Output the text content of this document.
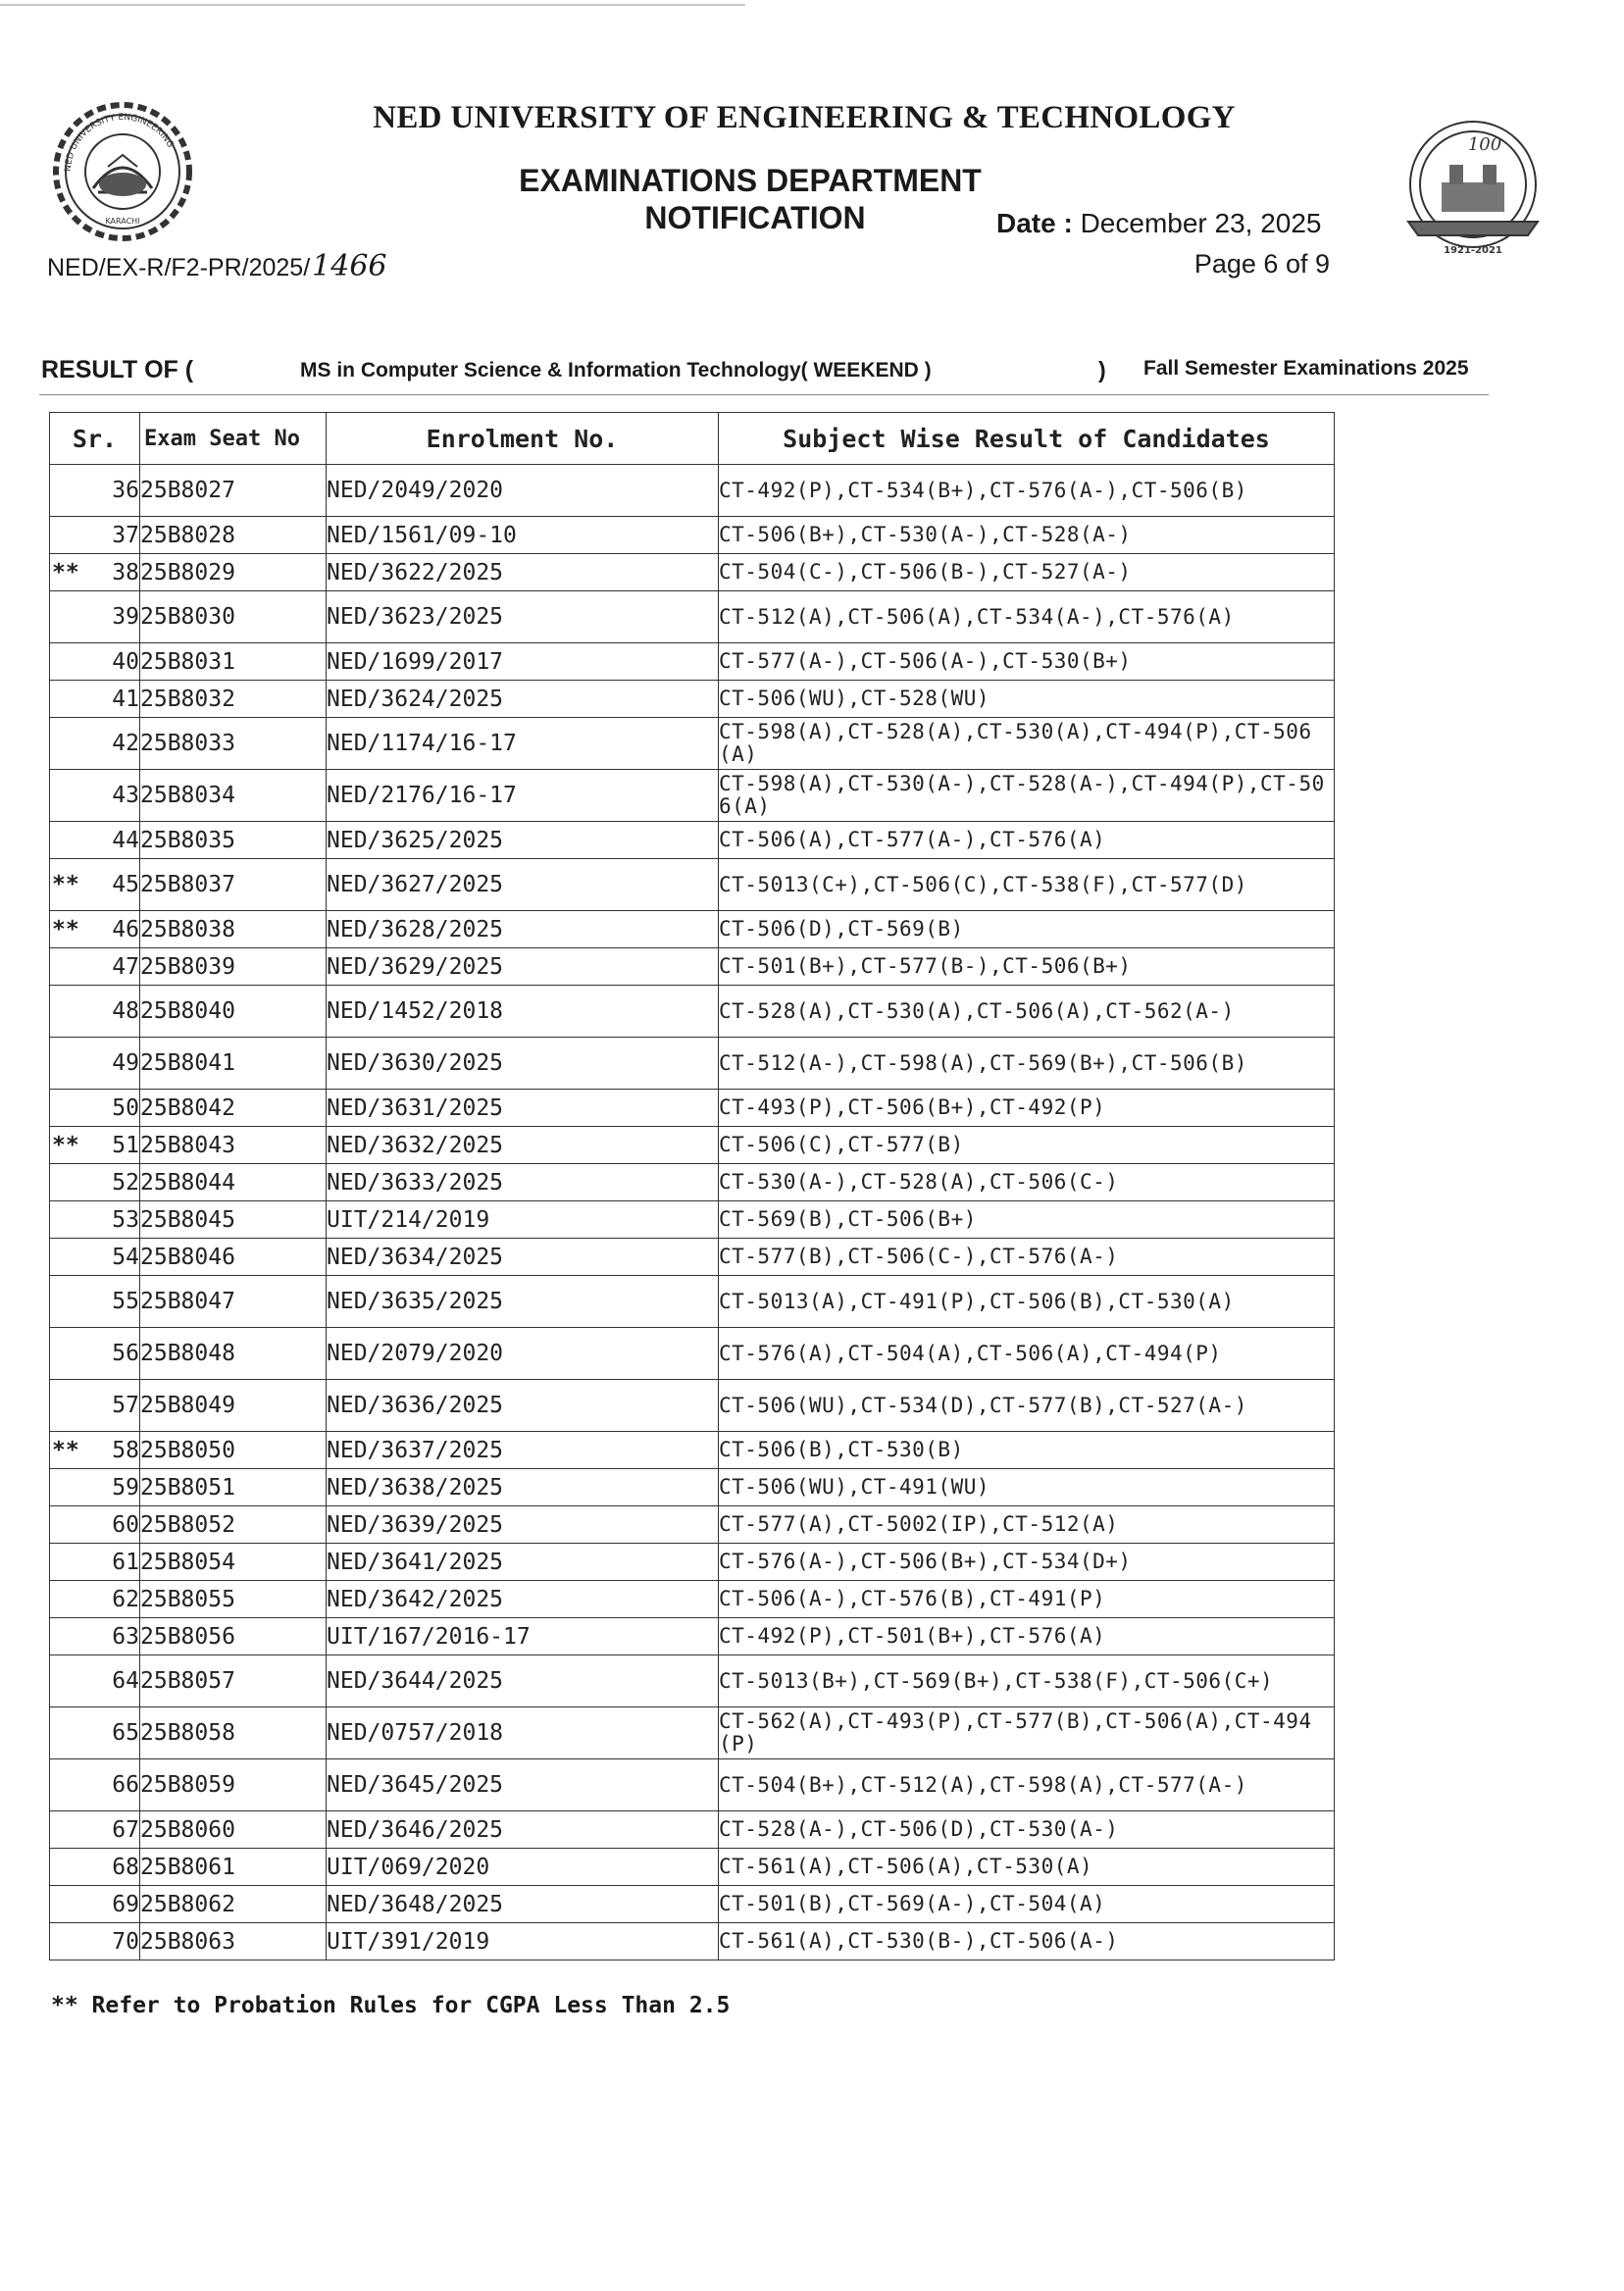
NED UNIVERSITY ENGINEERING
KARACHI
100
1921-2021
NED UNIVERSITY OF ENGINEERING & TECHNOLOGY
EXAMINATIONS DEPARTMENT
NOTIFICATION	Date : December 23, 2025
Page 6 of 9
NED/EX-R/F2-PR/2025/1466
RESULT OF (	MS in Computer Science & Information Technology( WEEKEND )	) Fall Semester Examinations 2025
Sr.	Exam Seat No	Enrolment No.	Subject Wise Result of Candidates
36	25B8027	NED/2049/2020	CT-492(P),CT-534(B+),CT-576(A-),CT-506(B)
37	25B8028	NED/1561/09-10	CT-506(B+),CT-530(A-),CT-528(A-)

** 38	25B8029	NED/3622/2025	CT-504(C-),CT-506(B-),CT-527(A-)
39	25B8030	NED/3623/2025	CT-512(A),CT-506(A),CT-534(A-),CT-576(A)
40	25B8031	NED/1699/2017	CT-577(A-),CT-506(A-),CT-530(B+)
41	25B8032	NED/3624/2025	CT-506(WU),CT-528(WU)
42	25B8033	NED/1174/16-17	CT-598(A),CT-528(A),CT-530(A),CT-494(P),CT-506(A)
43	25B8034	NED/2176/16-17	CT-598(A),CT-530(A-),CT-528(A-),CT-494(P),CT-506(A)
44	25B8035	NED/3625/2025	CT-506(A),CT-577(A-),CT-576(A)

** 45	25B8037	NED/3627/2025	CT-5013(C+),CT-506(C),CT-538(F),CT-577(D)

** 46	25B8038	NED/3628/2025	CT-506(D),CT-569(B)
47	25B8039	NED/3629/2025	CT-501(B+),CT-577(B-),CT-506(B+)
48	25B8040	NED/1452/2018	CT-528(A),CT-530(A),CT-506(A),CT-562(A-)
49	25B8041	NED/3630/2025	CT-512(A-),CT-598(A),CT-569(B+),CT-506(B)
50	25B8042	NED/3631/2025	CT-493(P),CT-506(B+),CT-492(P)

** 51	25B8043	NED/3632/2025	CT-506(C),CT-577(B)
52	25B8044	NED/3633/2025	CT-530(A-),CT-528(A),CT-506(C-)
53	25B8045	UIT/214/2019	CT-569(B),CT-506(B+)
54	25B8046	NED/3634/2025	CT-577(B),CT-506(C-),CT-576(A-)
55	25B8047	NED/3635/2025	CT-5013(A),CT-491(P),CT-506(B),CT-530(A)
56	25B8048	NED/2079/2020	CT-576(A),CT-504(A),CT-506(A),CT-494(P)
57	25B8049	NED/3636/2025	CT-506(WU),CT-534(D),CT-577(B),CT-527(A-)

** 58	25B8050	NED/3637/2025	CT-506(B),CT-530(B)
59	25B8051	NED/3638/2025	CT-506(WU),CT-491(WU)
60	25B8052	NED/3639/2025	CT-577(A),CT-5002(IP),CT-512(A)
61	25B8054	NED/3641/2025	CT-576(A-),CT-506(B+),CT-534(D+)
62	25B8055	NED/3642/2025	CT-506(A-),CT-576(B),CT-491(P)
63	25B8056	UIT/167/2016-17	CT-492(P),CT-501(B+),CT-576(A)
64	25B8057	NED/3644/2025	CT-5013(B+),CT-569(B+),CT-538(F),CT-506(C+)
65	25B8058	NED/0757/2018	CT-562(A),CT-493(P),CT-577(B),CT-506(A),CT-494(P)
66	25B8059	NED/3645/2025	CT-504(B+),CT-512(A),CT-598(A),CT-577(A-)
67	25B8060	NED/3646/2025	CT-528(A-),CT-506(D),CT-530(A-)
68	25B8061	UIT/069/2020	CT-561(A),CT-506(A),CT-530(A)
69	25B8062	NED/3648/2025	CT-501(B),CT-569(A-),CT-504(A)
70	25B8063	UIT/391/2019	CT-561(A),CT-530(B-),CT-506(A-)
** Refer to Probation Rules for CGPA Less Than 2.5
